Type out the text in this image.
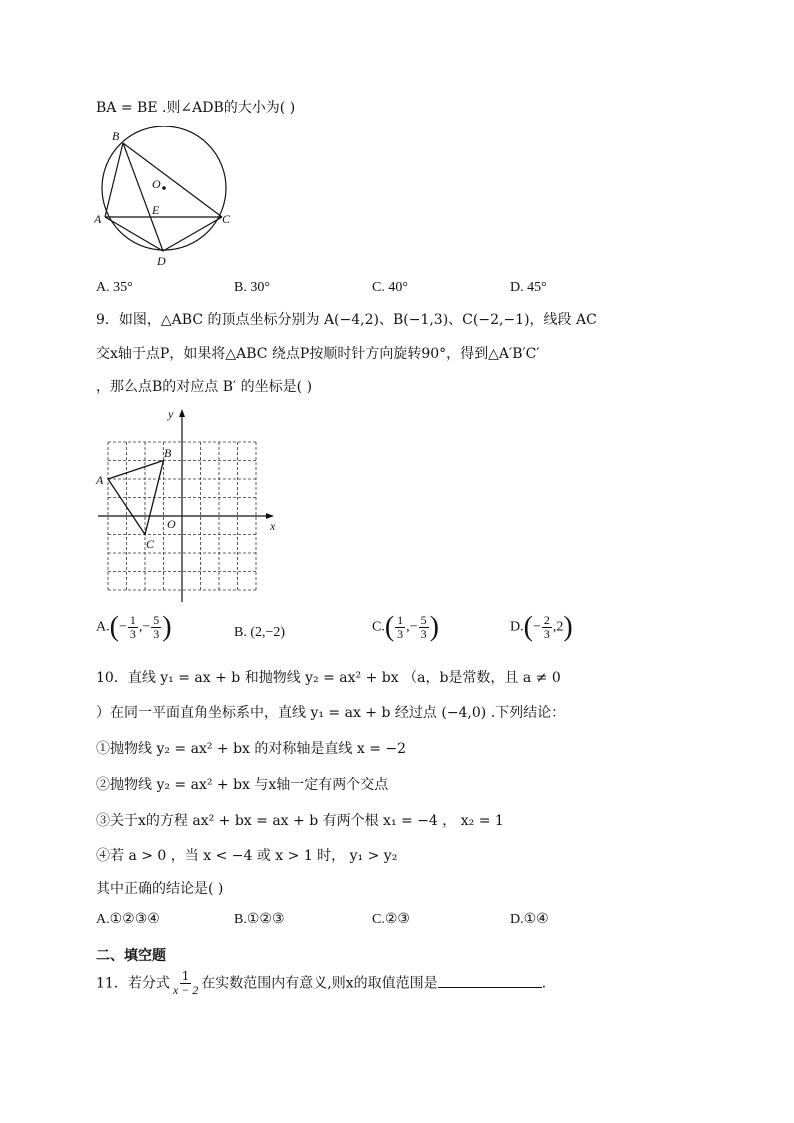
BA = BE .则∠ADB的大小为( )
B
O
A
E
C
D
A. 35°	B. 30°	C. 40°	D. 45°
9．如图，△ABC 的顶点坐标分别为 A(−4,2)、B(−1,3)、C(−2,−1)，线段 AC
交x轴于点P，如果将△ABC 绕点P按顺时针方向旋转90°，得到△A′B′C′
，那么点B的对应点 B′ 的坐标是( )
y
x
O
A
B
C
$A.(- \frac{1}{3}$ ,− $\frac{5}{3}$ )	B. (2,−2)	$C.( \frac{1}{3}$ ,− $\frac{5}{3}$ )	$D.(- \frac{2}{3} ,2)$
10．直线 y₁ = ax + b 和抛物线 y₂ = ax² + bx （a，b是常数，且 a ≠ 0
）在同一平面直角坐标系中，直线 y₁ = ax + b 经过点 (−4,0) .下列结论：
①抛物线 y₂ = ax² + bx 的对称轴是直线 x = −2
②抛物线 y₂ = ax² + bx 与x轴一定有两个交点
③关于x的方程 ax² + bx = ax + b 有两个根 x₁ = −4 ， x₂ = 1
④若 a > 0 ，当 x < −4 或 x > 1 时， y₁ > y₂
其中正确的结论是( )
A.①②③④	B.①②③	C.②③	D.①④
二、填空题
11．若分式 $\frac{1}{x - 2}$ 在实数范围内有意义,则x的取值范围是	.
